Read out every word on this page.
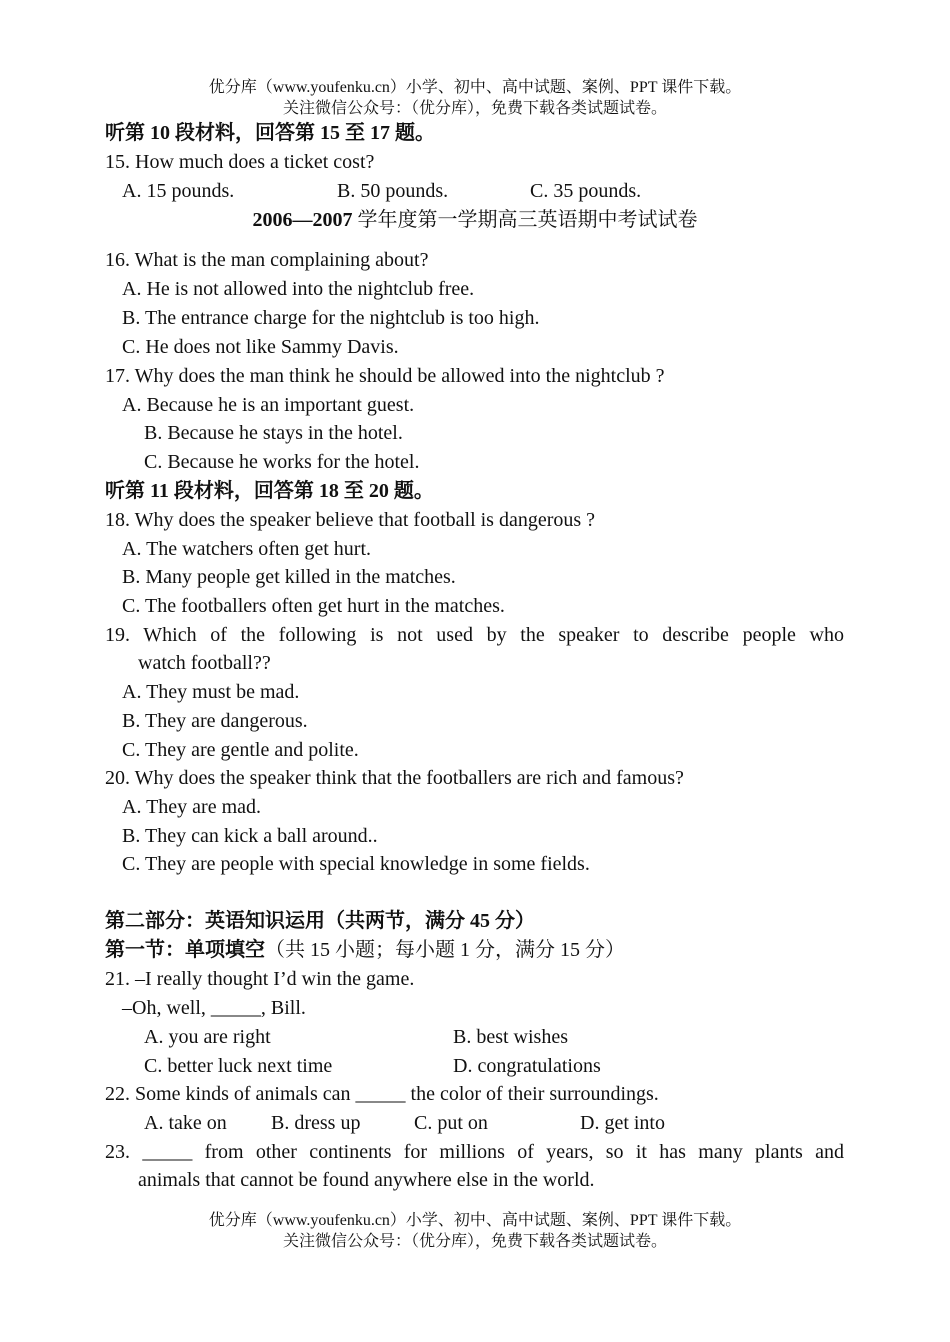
优分库（www.youfenku.cn）小学、初中、高中试题、案例、PPT 课件下载。
关注微信公众号：（优分库），免费下载各类试题试卷。
听第 10 段材料，回答第 15 至 17 题。
15. How much does a ticket cost?
A. 15 pounds.	B. 50 pounds.	C. 35 pounds.
2006—2007 学年度第一学期高三英语期中考试试卷
16. What is the man complaining about?
A. He is not allowed into the nightclub free.
B. The entrance charge for the nightclub is too high.
C. He does not like Sammy Davis.
17. Why does the man think he should be allowed into the nightclub ?
A. Because he is an important guest.
B. Because he stays in the hotel.
C. Because he works for the hotel.
听第 11 段材料，回答第 18 至 20 题。
18. Why does the speaker believe that football is dangerous ?
A. The watchers often get hurt.
B. Many people get killed in the matches.
C. The footballers often get hurt in the matches.
19. Which of the following is not used by the speaker to describe people who
watch football??
A. They must be mad.
B. They are dangerous.
C. They are gentle and polite.
20. Why does the speaker think that the footballers are rich and famous?
A. They are mad.
B. They can kick a ball around..
C. They are people with special knowledge in some fields.
第二部分：英语知识运用（共两节，满分 45 分）
第一节：单项填空（共 15 小题；每小题 1 分，满分 15 分）
21. –I really thought I’d win the game.
–Oh, well, _____, Bill.
A. you are right	B. best wishes
C. better luck next time	D. congratulations
22. Some kinds of animals can _____ the color of their surroundings.
A. take on B. dress up	C. put on	D. get into
23. _____ from other continents for millions of years, so it has many plants and
animals that cannot be found anywhere else in the world.
优分库（www.youfenku.cn）小学、初中、高中试题、案例、PPT 课件下载。
关注微信公众号：（优分库），免费下载各类试题试卷。
